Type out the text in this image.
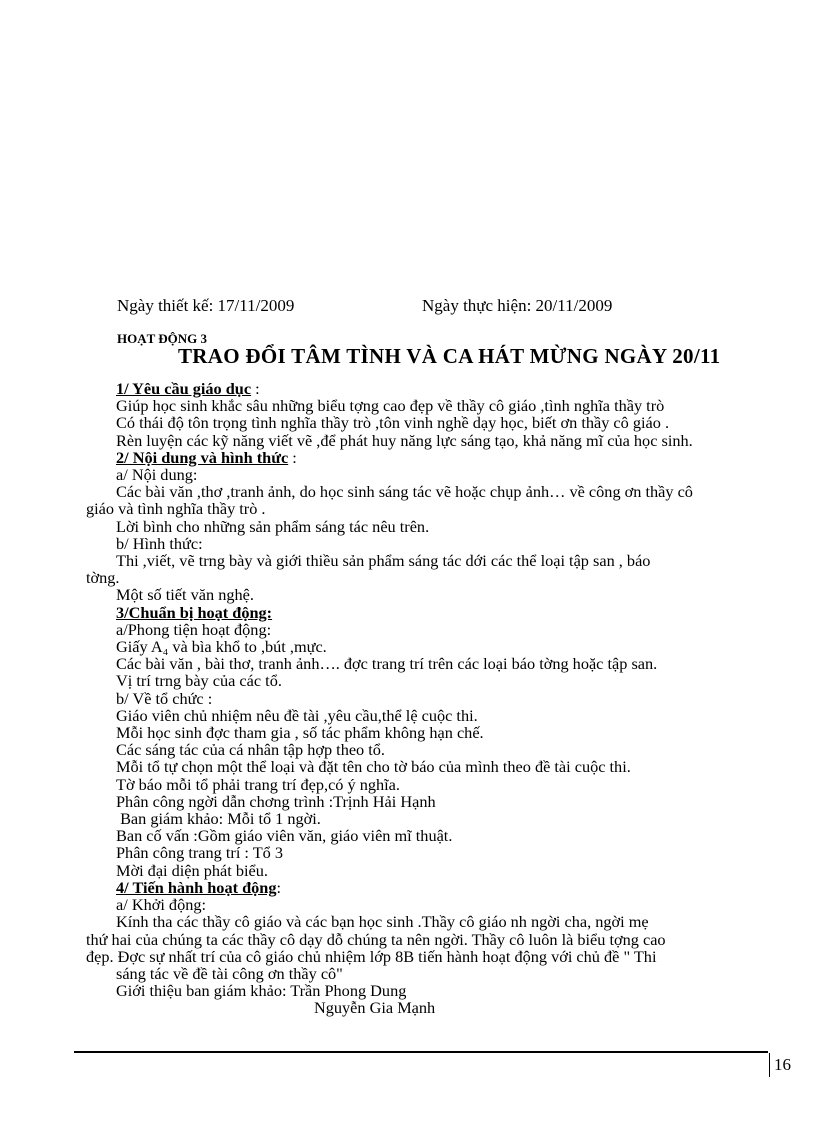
Ngày thiết kế: 17/11/2009	Ngày thực hiện: 20/11/2009
HOẠT ĐỘNG 3
TRAO ĐỔI TÂM TÌNH VÀ CA HÁT MỪNG NGÀY 20/11
1/ Yêu cầu giáo dục :
Giúp học sinh khắc sâu những biểu tợng cao đẹp về thầy cô giáo ,tình nghĩa thầy trò
Có thái độ tôn trọng tình nghĩa thầy trò ,tôn vinh nghề dạy học, biết ơn thầy cô giáo .
Rèn luyện các kỹ năng viết vẽ ,để phát huy năng lực sáng tạo, khả năng mĩ của học sinh.
2/ Nội dung và hình thức :
a/ Nội dung:
Các bài văn ,thơ ,tranh ảnh, do học sinh sáng tác vẽ hoặc chụp ảnh… về công ơn thầy cô
giáo và tình nghĩa thầy trò .
Lời bình cho những sản phẩm sáng tác nêu trên.
b/ Hình thức:
Thi ,viết, vẽ trng bày và giới thiều sản phẩm sáng tác dới các thể loại tập san , báo
tờng.
Một số tiết văn nghệ.
3/Chuẩn bị hoạt động:
a/Phong tiện hoạt động:
Giấy A₄ và bìa khổ to ,bút ,mực.
Các bài văn , bài thơ, tranh ảnh…. đợc trang trí trên các loại báo tờng hoặc tập san.
Vị trí trng bày của các tổ.
b/ Về tổ chức :
Giáo viên chủ nhiệm nêu đề tài ,yêu cầu,thể lệ cuộc thi.
Mỗi học sinh đợc tham gia , số tác phẩm không hạn chế.
Các sáng tác của cá nhân tập hợp theo tổ.
Mỗi tổ tự chọn một thể loại và đặt tên cho tờ báo của mình theo đề tài cuộc thi.
Tờ báo mỗi tổ phải trang trí đẹp,có ý nghĩa.
Phân công ngời dẫn chơng trình :Trịnh Hải Hạnh
Ban giám khảo: Mỗi tổ 1 ngời.
Ban cố vấn :Gồm giáo viên văn, giáo viên mĩ thuật.
Phân công trang trí : Tổ 3
Mời đại diện phát biểu.
4/ Tiến hành hoạt động:
a/ Khởi động:
Kính tha các thầy cô giáo và các bạn học sinh .Thầy cô giáo nh ngời cha, ngời mẹ
thứ hai của chúng ta các thầy cô dạy dỗ chúng ta nên ngời. Thầy cô luôn là biểu tợng cao
đẹp. Đợc sự nhất trí của cô giáo chủ nhiệm lớp 8B tiến hành hoạt động với chủ đề " Thi
sáng tác về đề tài công ơn thầy cô"
Giới thiệu ban giám khảo: Trần Phong Dung
Nguyễn Gia Mạnh
16
